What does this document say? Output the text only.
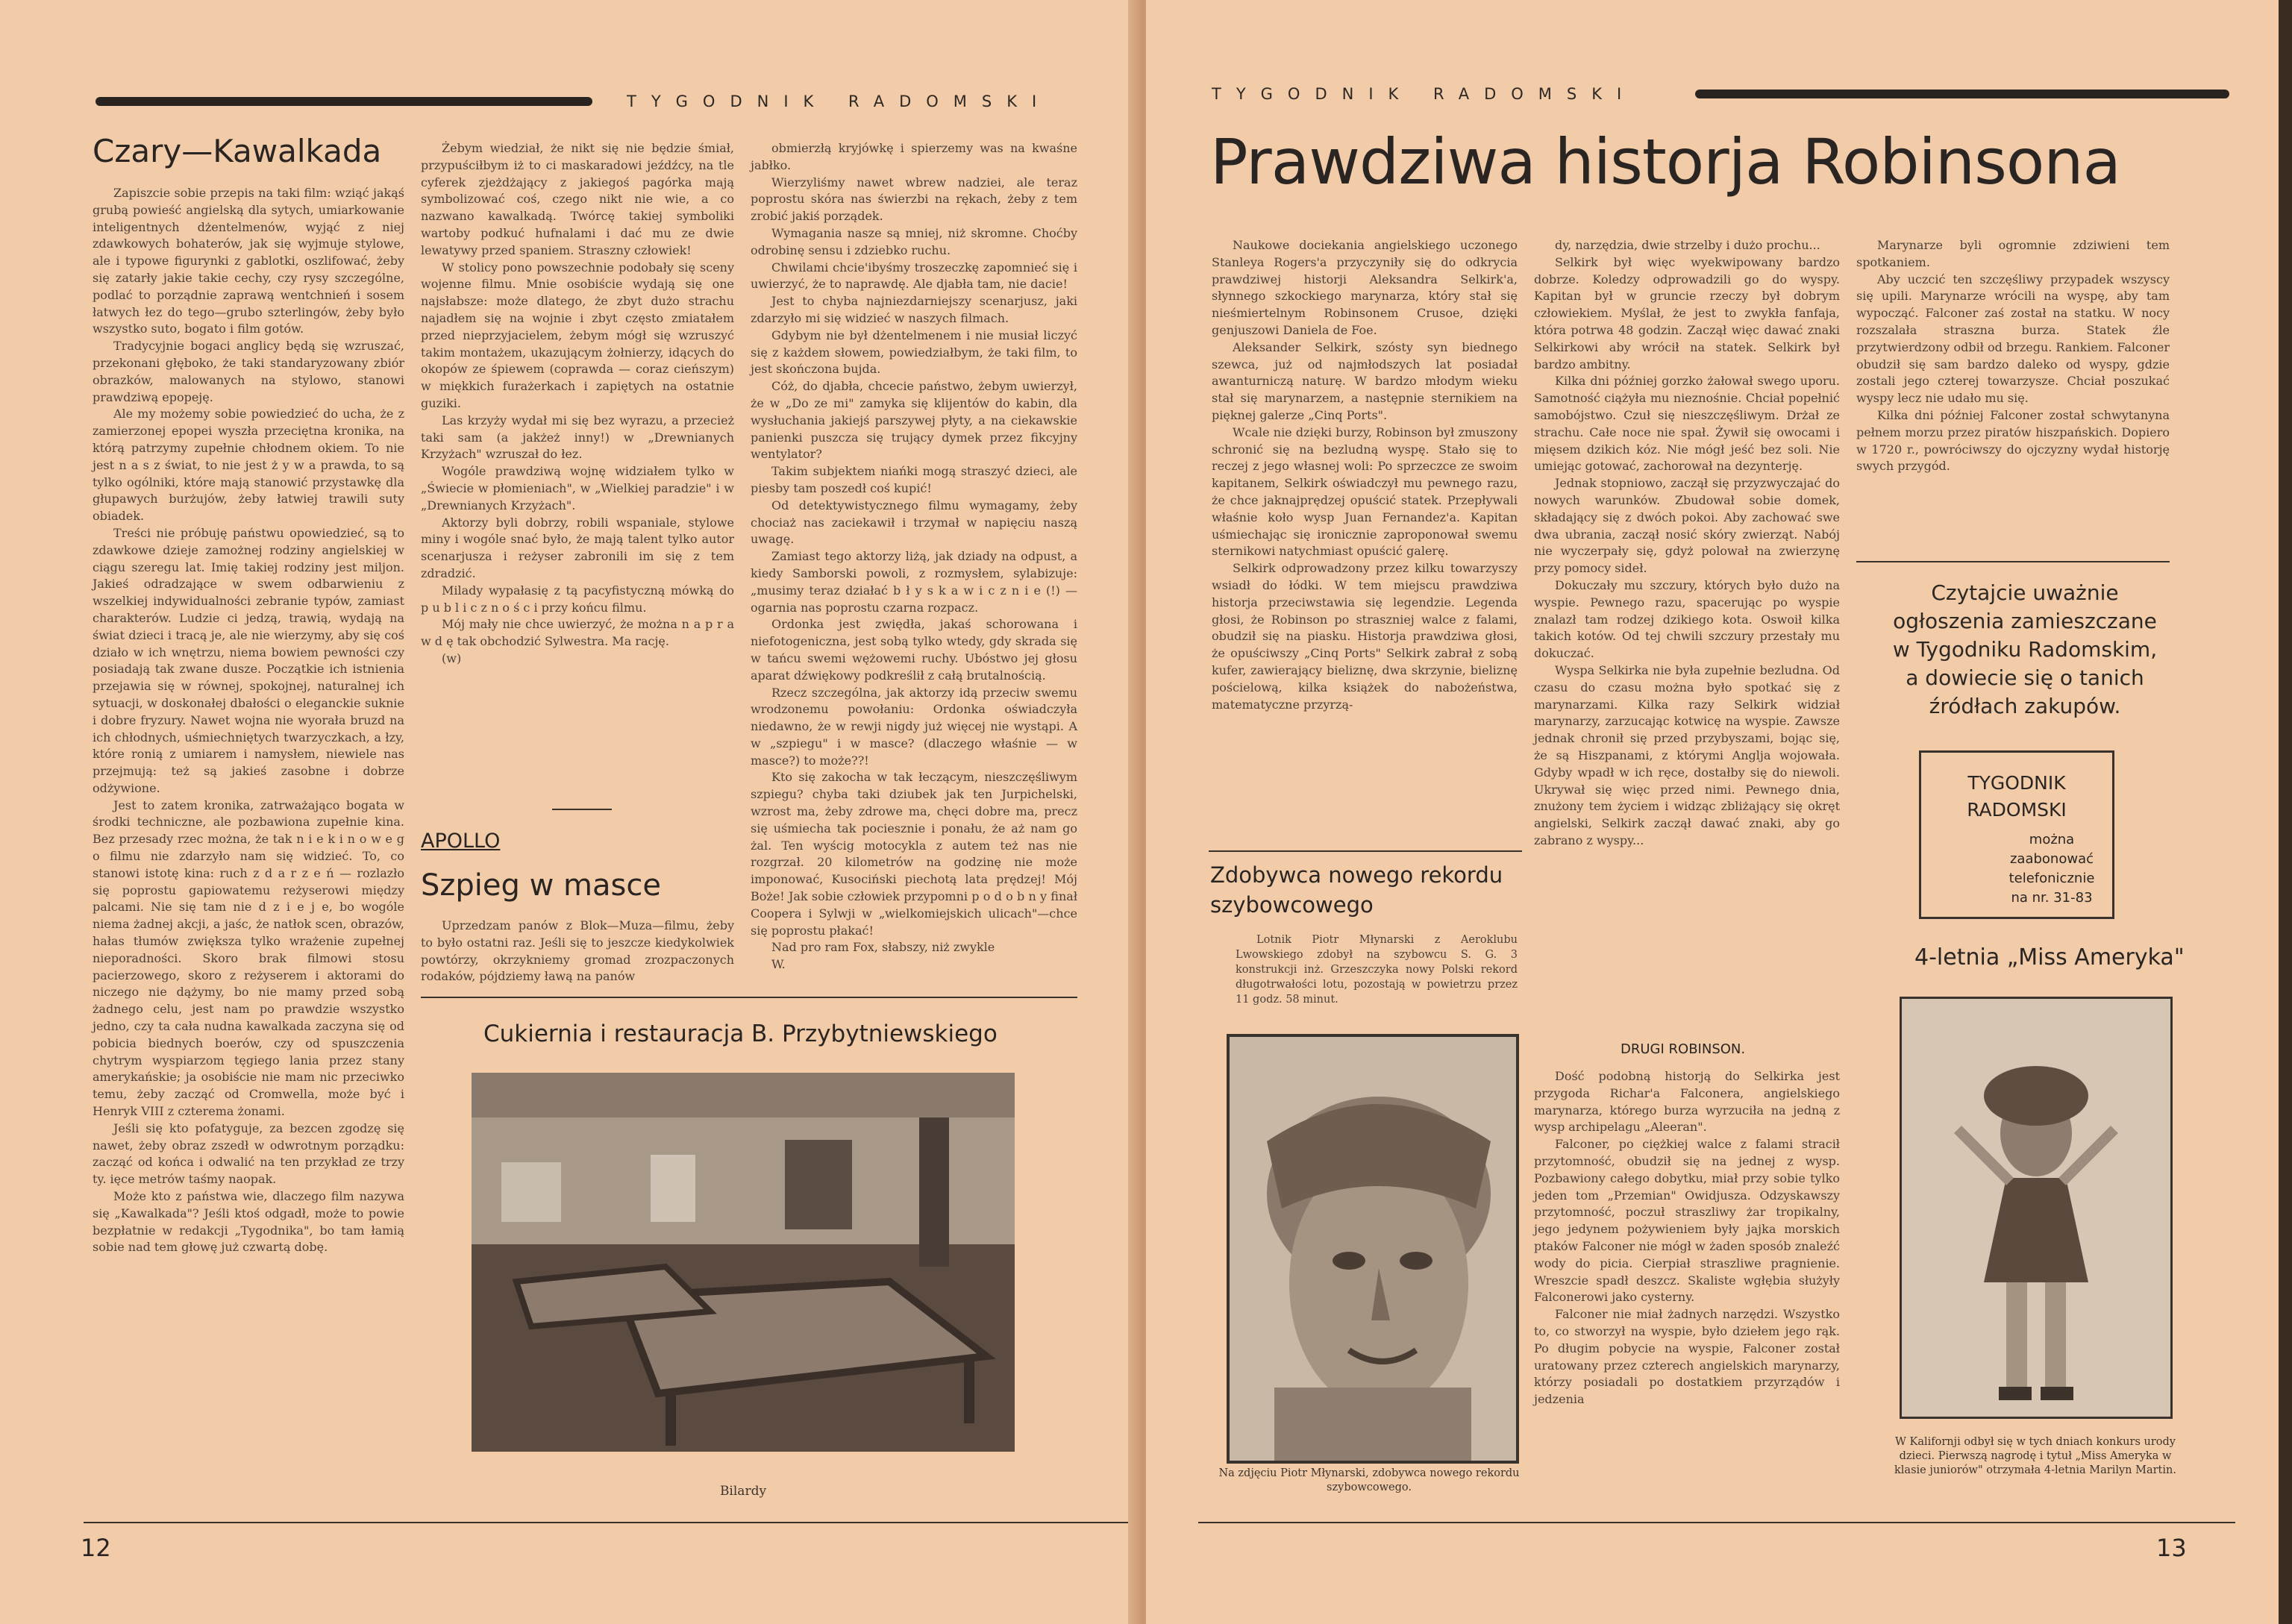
TYGODNIK RADOMSKI
Czary—Kawalkada

Zapiszcie sobie przepis na taki film: wziąć jakąś grubą powieść angielską dla sytych, umiarkowanie inteligentnych dżentelmenów, wyjąć z niej zdawkowych bohaterów, jak się wyjmuje stylowe, ale i typowe figurynki z gablotki, oszlifować, żeby się zatarły jakie takie cechy, czy rysy szczególne, podlać to porządnie zaprawą wentchnień i sosem łatwych łez do tego—grubo szterlingów, żeby było wszystko suto, bogato i film gotów.

Tradycyjnie bogaci anglicy będą się wzruszać, przekonani głęboko, że taki standaryzowany zbiór obrazków, malowanych na stylowo, stanowi prawdziwą epopeję.

Ale my możemy sobie powiedzieć do ucha, że z zamierzonej epopei wyszła przeciętna kronika, na którą patrzymy zupełnie chłodnem okiem. To nie jest n a s z świat, to nie jest ż y w a prawda, to są tylko ogólniki, które mają stanowić przystawkę dla głupawych burżujów, żeby łatwiej trawili suty obiadek.

Treści nie próbuję państwu opowiedzieć, są to zdawkowe dzieje zamożnej rodziny angielskiej w ciągu szeregu lat. Imię takiej rodziny jest miljon. Jakieś odradzające w swem odbarwieniu z wszelkiej indywidualności zebranie typów, zamiast charakterów. Ludzie ci jedzą, trawią, wydają na świat dzieci i tracą je, ale nie wierzymy, aby się coś działo w ich wnętrzu, niema bowiem pewności czy posiadają tak zwane dusze. Początkie ich istnienia przejawia się w równej, spokojnej, naturalnej ich sytuacji, w doskonałej dbałości o eleganckie suknie i dobre fryzury. Nawet wojna nie wyorała bruzd na ich chłodnych, uśmiechniętych twarzyczkach, a łzy, które ronią z umiarem i namysłem, niewiele nas przejmują: też są jakieś zasobne i dobrze odżywione.

Jest to zatem kronika, zatrważająco bogata w środki techniczne, ale pozbawiona zupełnie kina. Bez przesady rzec można, że tak n i e k i n o w e g o filmu nie zdarzyło nam się widzieć. To, co stanowi istotę kina: ruch z d a r z e ń — rozlazło się poprostu gapiowatemu reżyserowi między palcami. Nie się tam nie d z i e j e, bo wogóle niema żadnej akcji, a jaśc, że natłok scen, obrazów, hałas tłumów zwiększa tylko wrażenie zupełnej nieporadności. Skoro brak filmowi stosu pacierzowego, skoro z reżyserem i aktorami do niczego nie dążymy, bo nie mamy przed sobą żadnego celu, jest nam po prawdzie wszystko jedno, czy ta cała nudna kawalkada zaczyna się od pobicia biednych boerów, czy od spuszczenia chytrym wyspiarzom tęgiego lania przez stany amerykańskie; ja osobiście nie mam nic przeciwko temu, żeby zacząć od Cromwella, może być i Henryk VIII z czterema żonami.

Jeśli się kto pofatyguje, za bezcen zgodzę się nawet, żeby obraz zszedł w odwrotnym porządku: zacząć od końca i odwalić na ten przykład ze trzy ty. ięce metrów taśmy naopak.

Może kto z państwa wie, dlaczego film nazywa się „Kawalkada"? Jeśli ktoś odgadł, może to powie bezpłatnie w redakcji „Tygodnika", bo tam łamią sobie nad tem głowę już czwartą dobę.

Żebym wiedział, że nikt się nie będzie śmiał, przypuściłbym iż to ci maskaradowi jeźdźcy, na tle cyferek zjeżdżający z jakiegoś pagórka mają symbolizować coś, czego nikt nie wie, a co nazwano kawalkadą. Twórcę takiej symboliki wartoby podkuć hufnalami i dać mu ze dwie lewatywy przed spaniem. Straszny człowiek!

W stolicy pono powszechnie podobały się sceny wojenne filmu. Mnie osobiście wydają się one najsłabsze: może dlatego, że zbyt dużo strachu najadłem się na wojnie i zbyt często zmiatałem przed nieprzyjacielem, żebym mógł się wzruszyć takim montażem, ukazującym żołnierzy, idących do okopów ze śpiewem (coprawda — coraz cieńszym) w miękkich furażerkach i zapiętych na ostatnie guziki.

Las krzyży wydał mi się bez wyrazu, a przecież taki sam (a jakżeż inny!) w „Drewnianych Krzyżach" wzruszał do łez.

Wogóle prawdziwą wojnę widziałem tylko w „Świecie w płomieniach", w „Wielkiej paradzie" i w „Drewnianych Krzyżach".

Aktorzy byli dobrzy, robili wspaniale, stylowe miny i wogóle snać było, że mają talent tylko autor scenarjusza i reżyser zabronili im się z tem zdradzić.

Milady wypałasię z tą pacyfistyczną mówką do p u b l i c z n o ś c i przy końcu filmu.

Mój mały nie chce uwierzyć, że można n a p r a w d ę tak obchodzić Sylwestra. Ma rację.

(w)

APOLLO
Szpieg w masce

Uprzedzam panów z Blok—Muza—filmu, żeby to było ostatni raz. Jeśli się to jeszcze kiedykolwiek powtórzy, okrzykniemy gromad zrozpaczonych rodaków, pójdziemy ławą na panów

obmierzłą kryjówkę i spierzemy was na kwaśne jabłko.

Wierzyliśmy nawet wbrew nadziei, ale teraz poprostu skóra nas świerzbi na rękach, żeby z tem zrobić jakiś porządek.

Wymagania nasze są mniej, niż skromne. Choćby odrobinę sensu i zdziebko ruchu.

Chwilami chcie'ibyśmy troszeczkę zapomnieć się i uwierzyć, że to naprawdę. Ale djabła tam, nie dacie!

Jest to chyba najniezdarniejszy scenarjusz, jaki zdarzyło mi się widzieć w naszych filmach.

Gdybym nie był dżentelmenem i nie musiał liczyć się z każdem słowem, powiedziałbym, że taki film, to jest skończona bujda.

Cóż, do djabła, chcecie państwo, żebym uwierzył, że w „Do ze mi" zamyka się klijentów do kabin, dla wysłuchania jakiejś parszywej płyty, a na ciekawskie panienki puszcza się trujący dymek przez fikcyjny wentylator?

Takim subjektem niańki mogą straszyć dzieci, ale piesby tam poszedł coś kupić!

Od detektywistycznego filmu wymagamy, żeby chociaż nas zaciekawił i trzymał w napięciu naszą uwagę.

Zamiast tego aktorzy liżą, jak dziady na odpust, a kiedy Samborski powoli, z rozmysłem, sylabizuje: „musimy teraz działać b ł y s k a w i c z n i e (!) — ogarnia nas poprostu czarna rozpacz.

Ordonka jest zwiędła, jakaś schorowana i niefotogeniczna, jest sobą tylko wtedy, gdy skrada się w tańcu swemi wężowemi ruchy. Ubóstwo jej głosu aparat dźwiękowy podkreślił z całą brutalnością.

Rzecz szczególna, jak aktorzy idą przeciw swemu wrodzonemu powołaniu: Ordonka oświadczyła niedawno, że w rewji nigdy już więcej nie wystąpi. A w „szpiegu" i w masce? (dlaczego właśnie — w masce?) to może??!

Kto się zakocha w tak łeczącym, nieszczęśliwym szpiegu? chyba taki dziubek jak ten Jurpichelski, wzrost ma, żeby zdrowe ma, chęci dobre ma, precz się uśmiecha tak pociesznie i ponału, że aż nam go żal. Ten wyścig motocykla z autem też nas nie rozgrzał. 20 kilometrów na godzinę nie może imponować, Kusociński piechotą lata prędzej! Mój Boże! Jak sobie człowiek przypomni p o d o b n y finał Coopera i Sylwji w „wielkomiejskich ulicach"—chce się poprostu płakać!

Nad pro ram Fox, słabszy, niż zwykle

W.

Cukiernia i restauracja B. Przybytniewskiego
Bilardy
12
TYGODNIK RADOMSKI
Prawdziwa historja Robinsona

Naukowe dociekania angielskiego uczonego Stanleya Rogers'a przyczyniły się do odkrycia prawdziwej historji Aleksandra Selkirk'a, słynnego szkockiego marynarza, który stał się nieśmiertelnym Robinsonem Crusoe, dzięki genjuszowi Daniela de Foe.

Aleksander Selkirk, szósty syn biednego szewca, już od najmłodszych lat posiadał awanturniczą naturę. W bardzo młodym wieku stał się marynarzem, a następnie sternikiem na pięknej galerze „Cinq Ports".

Wcale nie dzięki burzy, Robinson był zmuszony schronić się na bezludną wyspę. Stało się to reczej z jego własnej woli: Po sprzeczce ze swoim kapitanem, Selkirk oświadczył mu pewnego razu, że chce jaknajprędzej opuścić statek. Przepływali właśnie koło wysp Juan Fernandez'a. Kapitan uśmiechając się ironicznie zaproponował swemu sternikowi natychmiast opuścić galerę.

Selkirk odprowadzony przez kilku towarzyszy wsiadł do łódki. W tem miejscu prawdziwa historja przeciwstawia się legendzie. Legenda głosi, że Robinson po straszniej walce z falami, obudził się na piasku. Historja prawdziwa głosi, że opuściwszy „Cinq Ports" Selkirk zabrał z sobą kufer, zawierający bieliznę, dwa skrzynie, bieliznę pościelową, kilka książek do nabożeństwa, matematyczne przyrzą-

dy, narzędzia, dwie strzelby i dużo prochu...

Selkirk był więc wyekwipowany bardzo dobrze. Koledzy odprowadzili go do wyspy. Kapitan był w gruncie rzeczy był dobrym człowiekiem. Myślał, że jest to zwykła fanfaja, która potrwa 48 godzin. Zaczął więc dawać znaki Selkirkowi aby wrócił na statek. Selkirk był bardzo ambitny.

Kilka dni później gorzko żałował swego uporu. Samotność ciążyła mu nieznośnie. Chciał popełnić samobójstwo. Czuł się nieszczęśliwym. Drżał ze strachu. Całe noce nie spał. Żywił się owocami i mięsem dzikich kóz. Nie mógł jeść bez soli. Nie umiejąc gotować, zachorował na dezynterję.

Jednak stopniowo, zaczął się przyzwyczajać do nowych warunków. Zbudował sobie domek, składający się z dwóch pokoi. Aby zachować swe dwa ubrania, zaczął nosić skóry zwierząt. Nabój nie wyczerpały się, gdyż polował na zwierzynę przy pomocy sideł.

Dokuczały mu szczury, których było dużo na wyspie. Pewnego razu, spacerując po wyspie znalazł tam rodzej dzikiego kota. Oswoił kilka takich kotów. Od tej chwili szczury przestały mu dokuczać.

Wyspa Selkirka nie była zupełnie bezludna. Od czasu do czasu można było spotkać się z marynarzami. Kilka razy Selkirk widział marynarzy, zarzucając kotwicę na wyspie. Zawsze jednak chronił się przed przybyszami, bojąc się, że są Hiszpanami, z którymi Anglja wojowała. Gdyby wpadł w ich ręce, dostałby się do niewoli. Ukrywał się więc przed nimi. Pewnego dnia, znużony tem życiem i widząc zbliżający się okręt angielski, Selkirk zaczął dawać znaki, aby go zabrano z wyspy...

Marynarze byli ogromnie zdziwieni tem spotkaniem.

Aby uczcić ten szczęśliwy przypadek wszyscy się upili. Marynarze wrócili na wyspę, aby tam wypocząć. Falconer zaś został na statku. W nocy rozszalała straszna burza. Statek źle przytwierdzony odbił od brzegu. Rankiem. Falconer obudził się sam bardzo daleko od wyspy, gdzie zostali jego czterej towarzysze. Chciał poszukać wyspy lecz nie udało mu się.

Kilka dni później Falconer został schwytanyna pełnem morzu przez piratów hiszpańskich. Dopiero w 1720 r., powróciwszy do ojczyzny wydał historję swych przygód.

DRUGI ROBINSON.

Dość podobną historją do Selkirka jest przygoda Richar'a Falconera, angielskiego marynarza, którego burza wyrzuciła na jedną z wysp archipelagu „Aleeran".

Falconer, po ciężkiej walce z falami stracił przytomność, obudził się na jednej z wysp. Pozbawiony całego dobytku, miał przy sobie tylko jeden tom „Przemian" Owidjusza. Odzyskawszy przytomność, poczuł straszliwy żar tropikalny, jego jedynem pożywieniem były jajka morskich ptaków Falconer nie mógł w żaden sposób znaleźć wody do picia. Cierpiał straszliwe pragnienie. Wreszcie spadł deszcz. Skaliste wgłębia służyły Falconerowi jako cysterny.

Falconer nie miał żadnych narzędzi. Wszystko to, co stworzył na wyspie, było dziełem jego rąk. Po długim pobycie na wyspie, Falconer został uratowany przez czterech angielskich marynarzy, którzy posiadali po dostatkiem przyrządów i jedzenia

Zdobywca nowego rekordu
szybowcowego

Lotnik Piotr Młynarski z Aeroklubu Lwowskiego zdobył na szybowcu S. G. 3 konstrukcji inż. Grzeszczyka nowy Polski rekord długotrwałości lotu, pozostają w powietrzu przez 11 godz. 58 minut.

Na zdjęciu Piotr Młynarski, zdobywca nowego rekordu szybowcowego.
Czytajcie uważnie ogłoszenia zamieszczane w Tygodniku Radomskim, a dowiecie się o tanich źródłach zakupów.
TYGODNIK
RADOMSKI
można
zaabonować
telefonicznie
na nr. 31-83
4-letnia „Miss Ameryka"
W Kalifornji odbył się w tych dniach konkurs urody dzieci. Pierwszą nagrodę i tytuł „Miss Ameryka w klasie juniorów" otrzymała 4-letnia Marilyn Martin.
13
